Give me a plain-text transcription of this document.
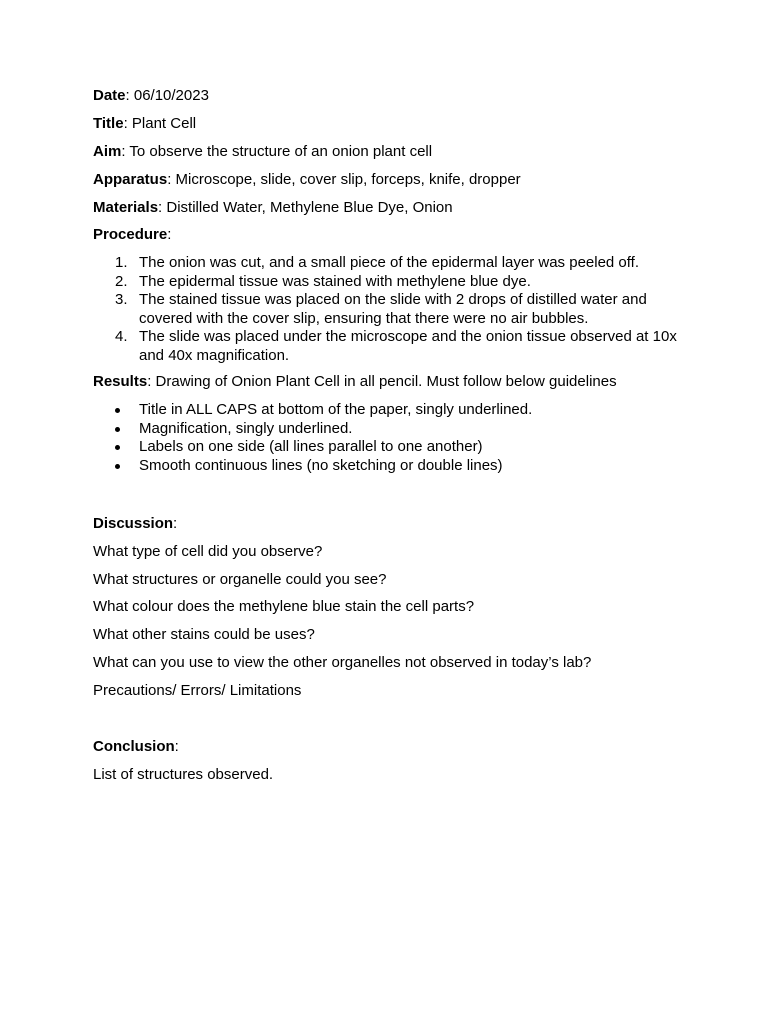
Date: 06/10/2023

Title: Plant Cell

Aim: To observe the structure of an onion plant cell

Apparatus: Microscope, slide, cover slip, forceps, knife, dropper

Materials: Distilled Water, Methylene Blue Dye, Onion

Procedure:

1. The onion was cut, and a small piece of the epidermal layer was peeled off.
2. The epidermal tissue was stained with methylene blue dye.
3. The stained tissue was placed on the slide with 2 drops of distilled water and covered with the cover slip, ensuring that there were no air bubbles.
4. The slide was placed under the microscope and the onion tissue observed at 10x and 40x magnification.

Results: Drawing of Onion Plant Cell in all pencil. Must follow below guidelines

Title in ALL CAPS at bottom of the paper, singly underlined.
Magnification, singly underlined.
Labels on one side (all lines parallel to one another)
Smooth continuous lines (no sketching or double lines)

Discussion:

What type of cell did you observe?

What structures or organelle could you see?

What colour does the methylene blue stain the cell parts?

What other stains could be uses?

What can you use to view the other organelles not observed in today’s lab?

Precautions/ Errors/ Limitations

Conclusion:

List of structures observed.
